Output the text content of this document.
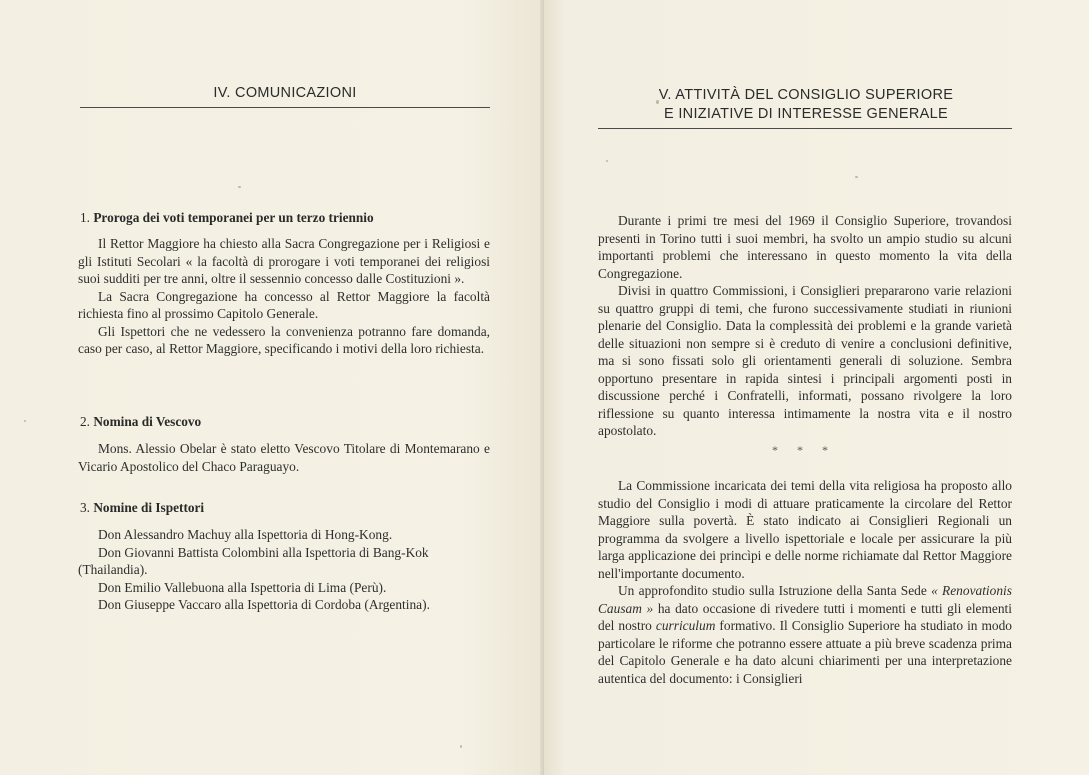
IV. COMUNICAZIONI
1. Proroga dei voti temporanei per un terzo triennio

Il Rettor Maggiore ha chiesto alla Sacra Congregazione per i Religiosi e gli Istituti Secolari « la facoltà di prorogare i voti temporanei dei religiosi suoi sudditi per tre anni, oltre il sessennio concesso dalle Costituzioni ».

La Sacra Congregazione ha concesso al Rettor Maggiore la facoltà richiesta fino al prossimo Capitolo Generale.

Gli Ispettori che ne vedessero la convenienza potranno fare domanda, caso per caso, al Rettor Maggiore, specificando i motivi della loro richiesta.

2. Nomina di Vescovo

Mons. Alessio Obelar è stato eletto Vescovo Titolare di Montemarano e Vicario Apostolico del Chaco Paraguayo.

3. Nomine di Ispettori
Don Alessandro Machuy alla Ispettoria di Hong-Kong.
Don Giovanni Battista Colombini alla Ispettoria di Bang-Kok
(Thailandia).
Don Emilio Vallebuona alla Ispettoria di Lima (Perù).
Don Giuseppe Vaccaro alla Ispettoria di Cordoba (Argentina).
V. ATTIVITÀ DEL CONSIGLIO SUPERIORE
E INIZIATIVE DI INTERESSE GENERALE

Durante i primi tre mesi del 1969 il Consiglio Superiore, trovandosi presenti in Torino tutti i suoi membri, ha svolto un ampio studio su alcuni importanti problemi che interessano in questo momento la vita della Congregazione.

Divisi in quattro Commissioni, i Consiglieri prepararono varie relazioni su quattro gruppi di temi, che furono successivamente studiati in riunioni plenarie del Consiglio. Data la complessità dei problemi e la grande varietà delle situazioni non sempre si è creduto di venire a conclusioni definitive, ma si sono fissati solo gli orientamenti generali di soluzione. Sembra opportuno presentare in rapida sintesi i principali argomenti posti in discussione perché i Confratelli, informati, possano rivolgere la loro riflessione su quanto interessa intimamente la nostra vita e il nostro apostolato.

* * *

La Commissione incaricata dei temi della vita religiosa ha proposto allo studio del Consiglio i modi di attuare praticamente la circolare del Rettor Maggiore sulla povertà. È stato indicato ai Consiglieri Regionali un programma da svolgere a livello ispettoriale e locale per assicurare la più larga applicazione dei princìpi e delle norme richiamate dal Rettor Maggiore nell'importante documento.

Un approfondito studio sulla Istruzione della Santa Sede « Renovationis Causam » ha dato occasione di rivedere tutti i momenti e tutti gli elementi del nostro curriculum formativo. Il Consiglio Superiore ha studiato in modo particolare le riforme che potranno essere attuate a più breve scadenza prima del Capitolo Generale e ha dato alcuni chiarimenti per una interpretazione autentica del documento: i Consiglieri
